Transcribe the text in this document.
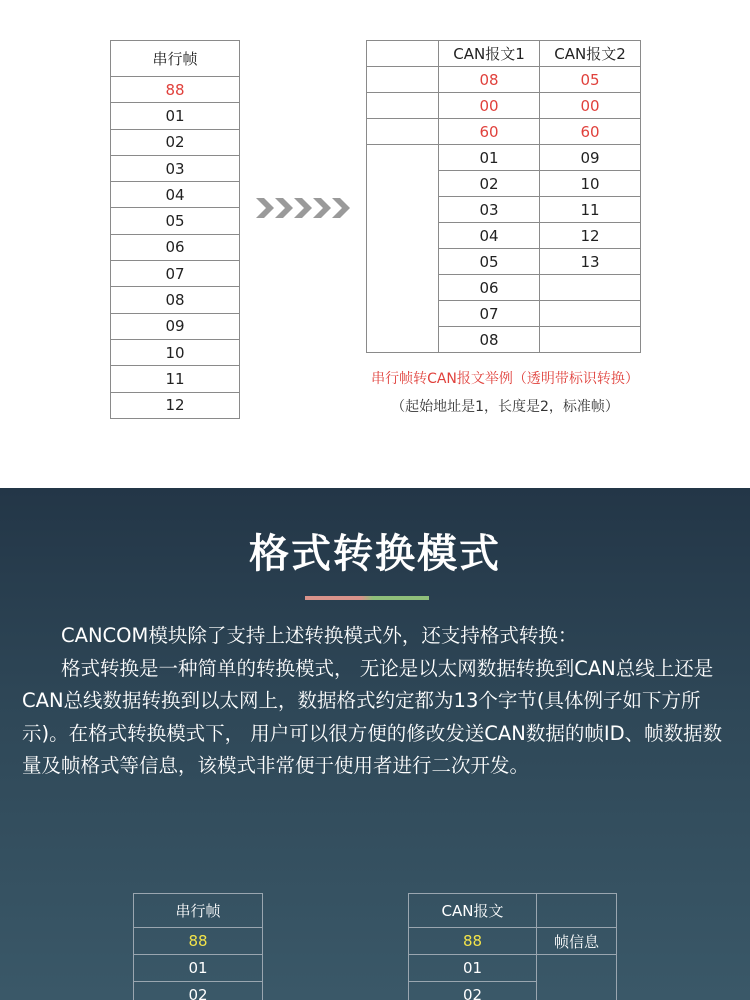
串行帧
88
01
02
03
04
05
06
07
08
09
10
11
12
	CAN报文1	CAN报文2
	08	05
	00	00
	60	60
	01	09
	02	10
	03	11
	04	12
	05	13
	06	
	07	
	08	
串行帧转CAN报文举例（透明带标识转换）
（起始地址是1，长度是2，标准帧）
格式转换模式

CANCOM模块除了支持上述转换模式外，还支持格式转换：

格式转换是一种简单的转换模式， 无论是以太网数据转换到CAN总线上还是CAN总线数据转换到以太网上，数据格式约定都为13个字节(具体例子如下方所示)。在格式转换模式下， 用户可以很方便的修改发送CAN数据的帧ID、帧数据数量及帧格式等信息，该模式非常便于使用者进行二次开发。

串行帧
88
01
02
CAN报文	
88	帧信息
01	
02	
